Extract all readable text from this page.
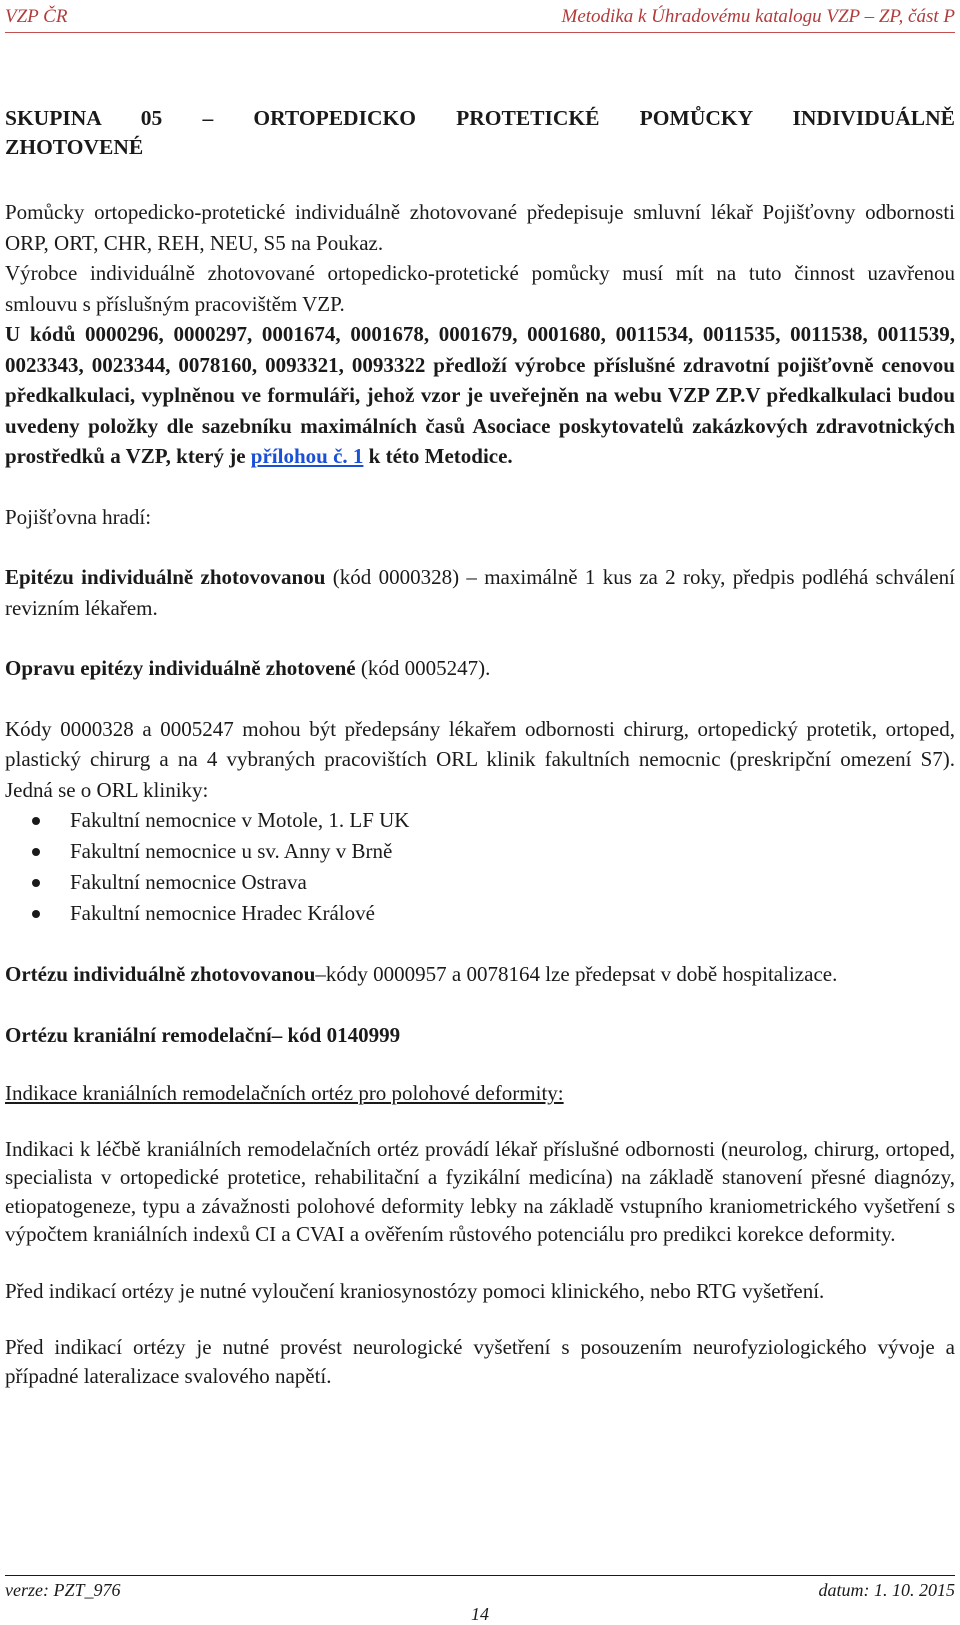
VZP ČR	Metodika k Úhradovému katalogu VZP – ZP, část P
SKUPINA 05 – ORTOPEDICKO PROTETICKÉ POMŮCKY INDIVIDUÁLNĚ ZHOTOVENÉ

Pomůcky ortopedicko-protetické individuálně zhotovované předepisuje smluvní lékař Pojišťovny odbornosti ORP, ORT, CHR, REH, NEU, S5 na Poukaz.

Výrobce individuálně zhotovované ortopedicko-protetické pomůcky musí mít na tuto činnost uzavřenou smlouvu s příslušným pracovištěm VZP.

U kódů 0000296, 0000297, 0001674, 0001678, 0001679, 0001680, 0011534, 0011535, 0011538, 0011539, 0023343, 0023344, 0078160, 0093321, 0093322 předloží výrobce příslušné zdravotní pojišťovně cenovou předkalkulaci, vyplněnou ve formuláři, jehož vzor je uveřejněn na webu VZP ZP.V předkalkulaci budou uvedeny položky dle sazebníku maximálních časů Asociace poskytovatelů zakázkových zdravotnických prostředků a VZP, který je přílohou č. 1 k této Metodice.

Pojišťovna hradí:

Epitézu individuálně zhotovovanou (kód 0000328) – maximálně 1 kus za 2 roky, předpis podléhá schválení revizním lékařem.

Opravu epitézy individuálně zhotovené (kód 0005247).

Kódy 0000328 a 0005247 mohou být předepsány lékařem odbornosti chirurg, ortopedický protetik, ortoped, plastický chirurg a na 4 vybraných pracovištích ORL klinik fakultních nemocnic (preskripční omezení S7). Jedná se o ORL kliniky:

Fakultní nemocnice v Motole, 1. LF UK
Fakultní nemocnice u sv. Anny v Brně
Fakultní nemocnice Ostrava
Fakultní nemocnice Hradec Králové

Ortézu individuálně zhotovovanou–kódy 0000957 a 0078164 lze předepsat v době hospitalizace.

Ortézu kraniální remodelační– kód 0140999

Indikace kraniálních remodelačních ortéz pro polohové deformity:

Indikaci k léčbě kraniálních remodelačních ortéz provádí lékař příslušné odbornosti (neurolog, chirurg, ortoped, specialista v ortopedické protetice, rehabilitační a fyzikální medicína) na základě stanovení přesné diagnózy, etiopatogeneze, typu a závažnosti polohové deformity lebky na základě vstupního kraniometrického vyšetření s výpočtem kraniálních indexů CI a CVAI a ověřením růstového potenciálu pro predikci korekce deformity.

Před indikací ortézy je nutné vyloučení kraniosynostózy pomoci klinického, nebo RTG vyšetření.

Před indikací ortézy je nutné provést neurologické vyšetření s posouzením neurofyziologického vývoje a případné lateralizace svalového napětí.

verze: PZT_976	datum: 1. 10. 2015
14
